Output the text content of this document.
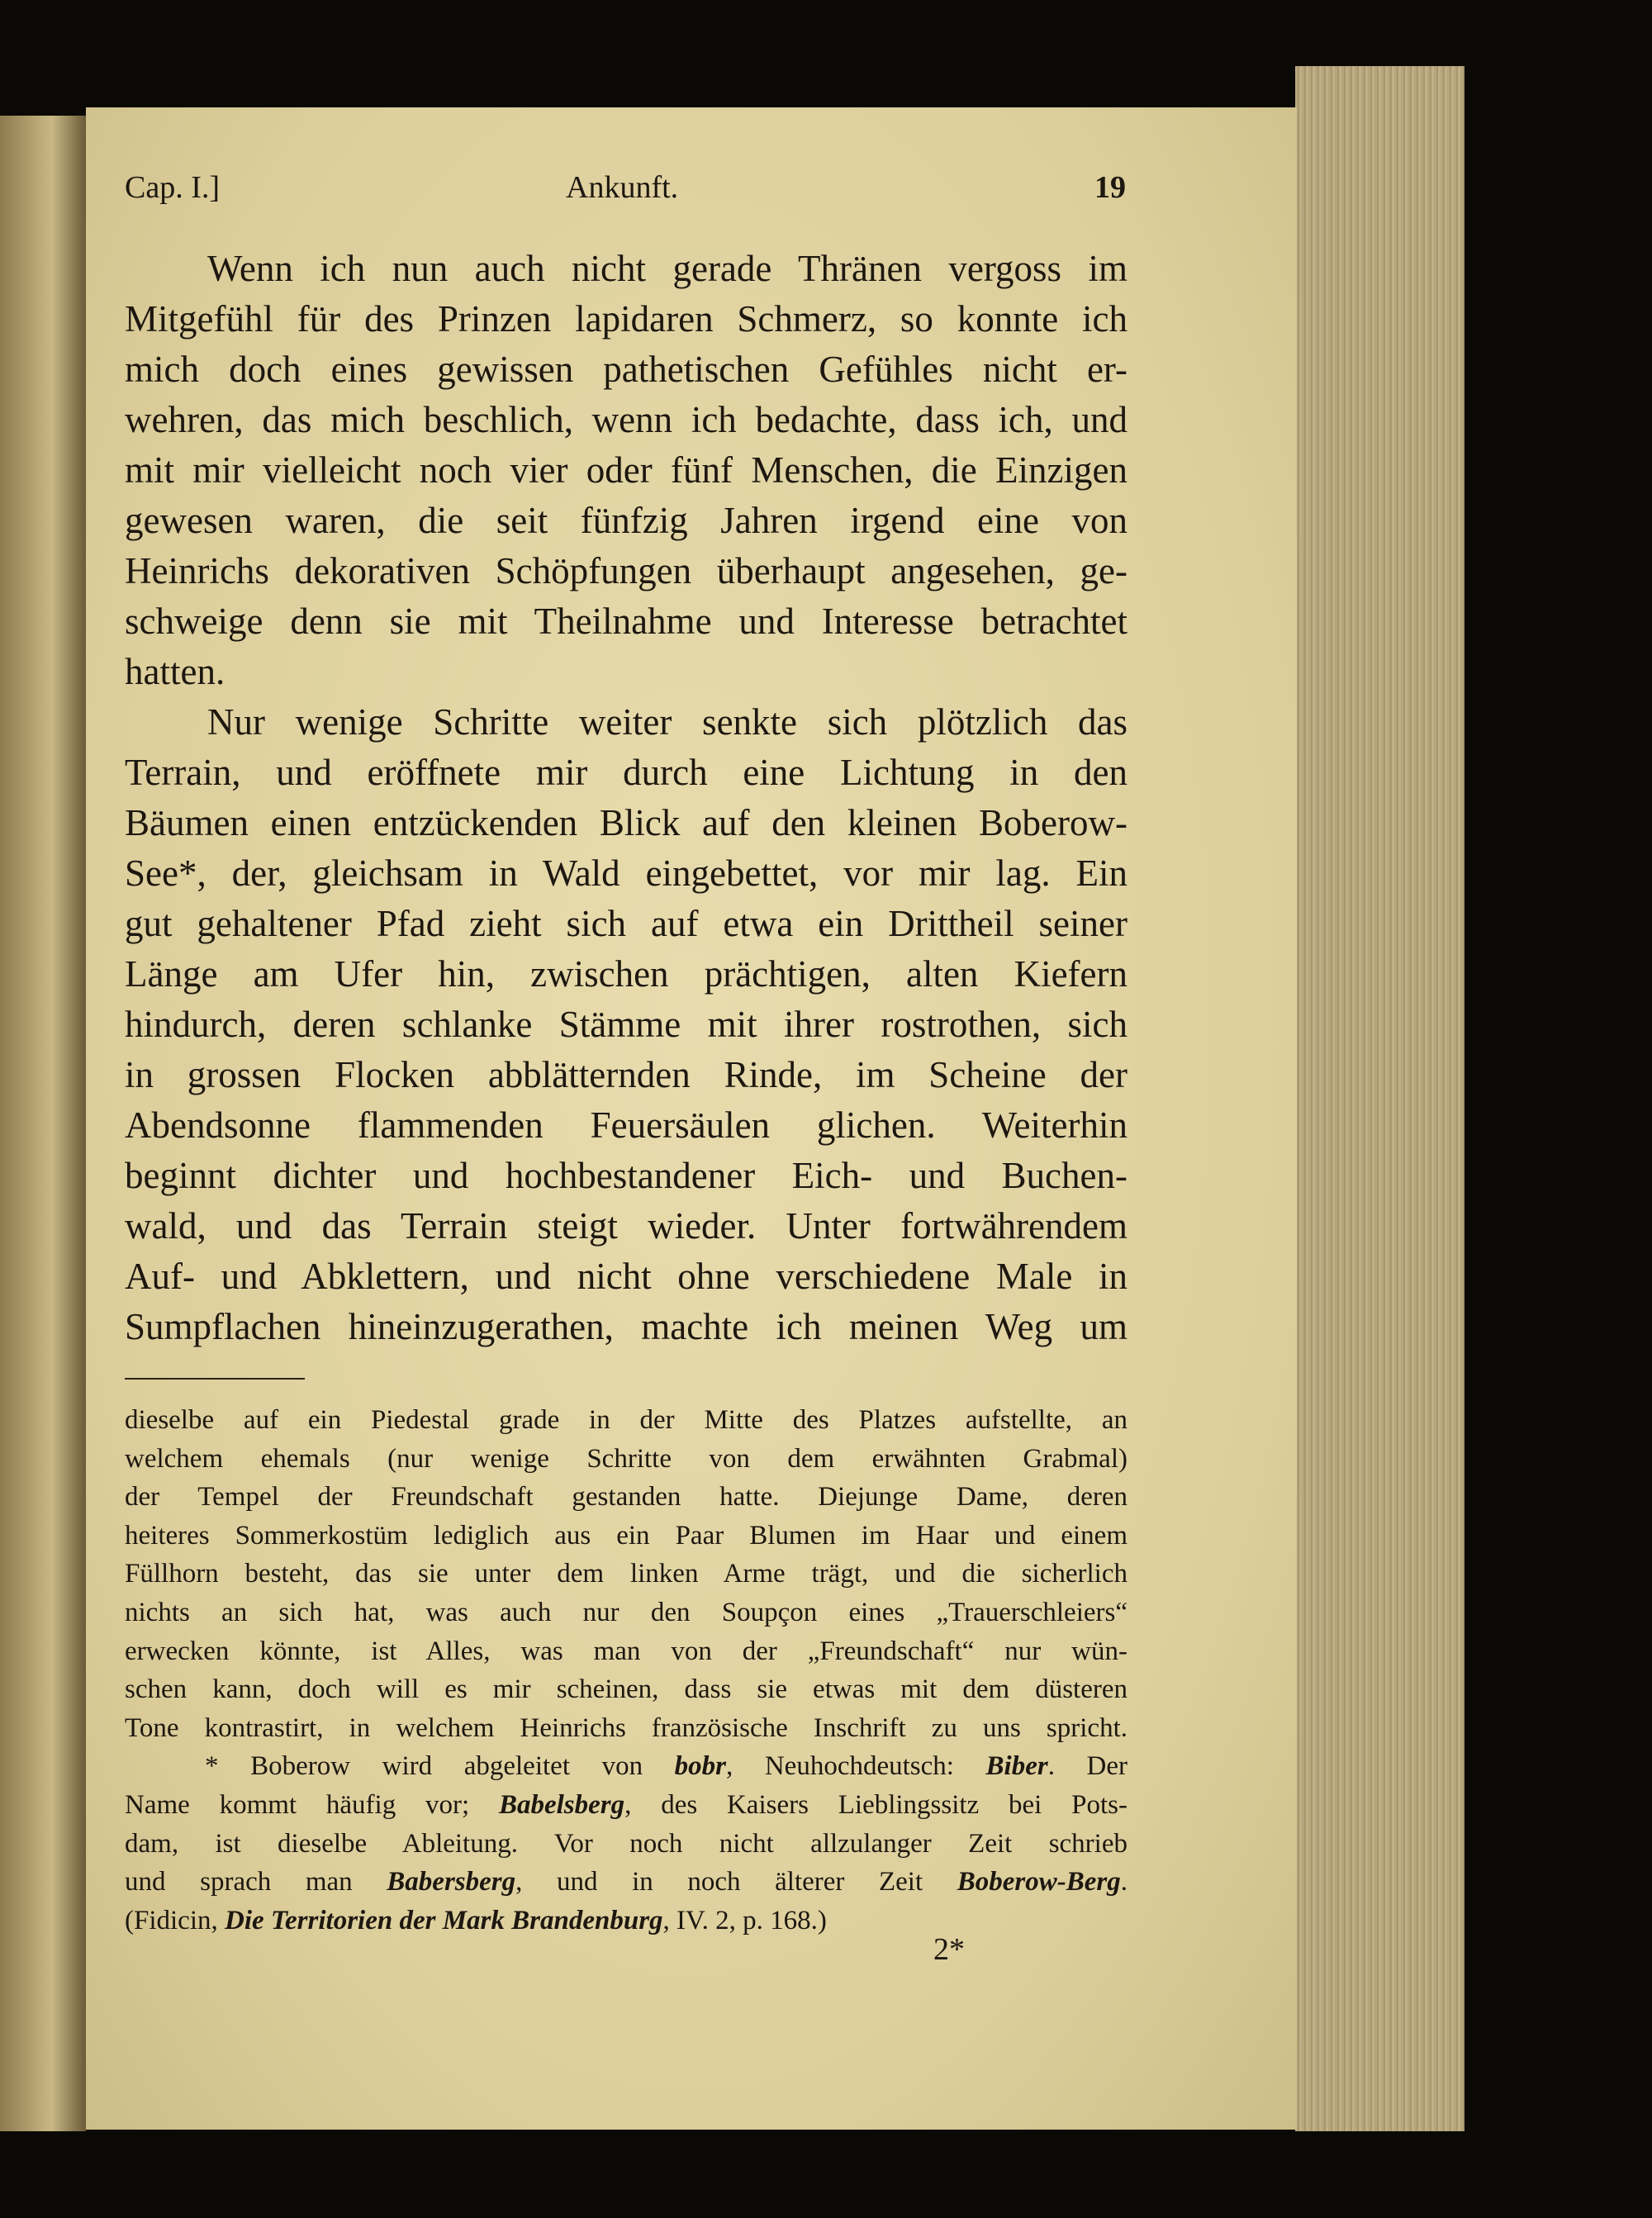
Cap. I.]	Ankunft.	19
Wenn ich nun auch nicht gerade Thränen vergoss im
Mitgefühl für des Prinzen lapidaren Schmerz, so konnte ich
mich doch eines gewissen pathetischen Gefühles nicht er-
wehren, das mich beschlich, wenn ich bedachte, dass ich, und
mit mir vielleicht noch vier oder fünf Menschen, die Einzigen
gewesen waren, die seit fünfzig Jahren irgend eine von
Heinrichs dekorativen Schöpfungen überhaupt angesehen, ge-
schweige denn sie mit Theilnahme und Interesse betrachtet
hatten.
Nur wenige Schritte weiter senkte sich plötzlich das
Terrain, und eröffnete mir durch eine Lichtung in den
Bäumen einen entzückenden Blick auf den kleinen Boberow-
See*, der, gleichsam in Wald eingebettet, vor mir lag. Ein
gut gehaltener Pfad zieht sich auf etwa ein Drittheil seiner
Länge am Ufer hin, zwischen prächtigen, alten Kiefern
hindurch, deren schlanke Stämme mit ihrer rostrothen, sich
in grossen Flocken abblätternden Rinde, im Scheine der
Abendsonne flammenden Feuersäulen glichen. Weiterhin
beginnt dichter und hochbestandener Eich- und Buchen-
wald, und das Terrain steigt wieder. Unter fortwährendem
Auf- und Abklettern, und nicht ohne verschiedene Male in
Sumpflachen hineinzugerathen, machte ich meinen Weg um
dieselbe auf ein Piedestal grade in der Mitte des Platzes aufstellte, an
welchem ehemals (nur wenige Schritte von dem erwähnten Grabmal)
der Tempel der Freundschaft gestanden hatte. Diejunge Dame, deren
heiteres Sommerkostüm lediglich aus ein Paar Blumen im Haar und einem
Füllhorn besteht, das sie unter dem linken Arme trägt, und die sicherlich
nichts an sich hat, was auch nur den Soupçon eines „Trauerschleiers“
erwecken könnte, ist Alles, was man von der „Freundschaft“ nur wün-
schen kann, doch will es mir scheinen, dass sie etwas mit dem düsteren
Tone kontrastirt, in welchem Heinrichs französische Inschrift zu uns spricht.
* Boberow wird abgeleitet von bobr, Neuhochdeutsch: Biber. Der
Name kommt häufig vor; Babelsberg, des Kaisers Lieblingssitz bei Pots-
dam, ist dieselbe Ableitung. Vor noch nicht allzulanger Zeit schrieb
und sprach man Babersberg, und in noch älterer Zeit Boberow-Berg.
(Fidicin, Die Territorien der Mark Brandenburg, IV. 2, p. 168.)
2*
